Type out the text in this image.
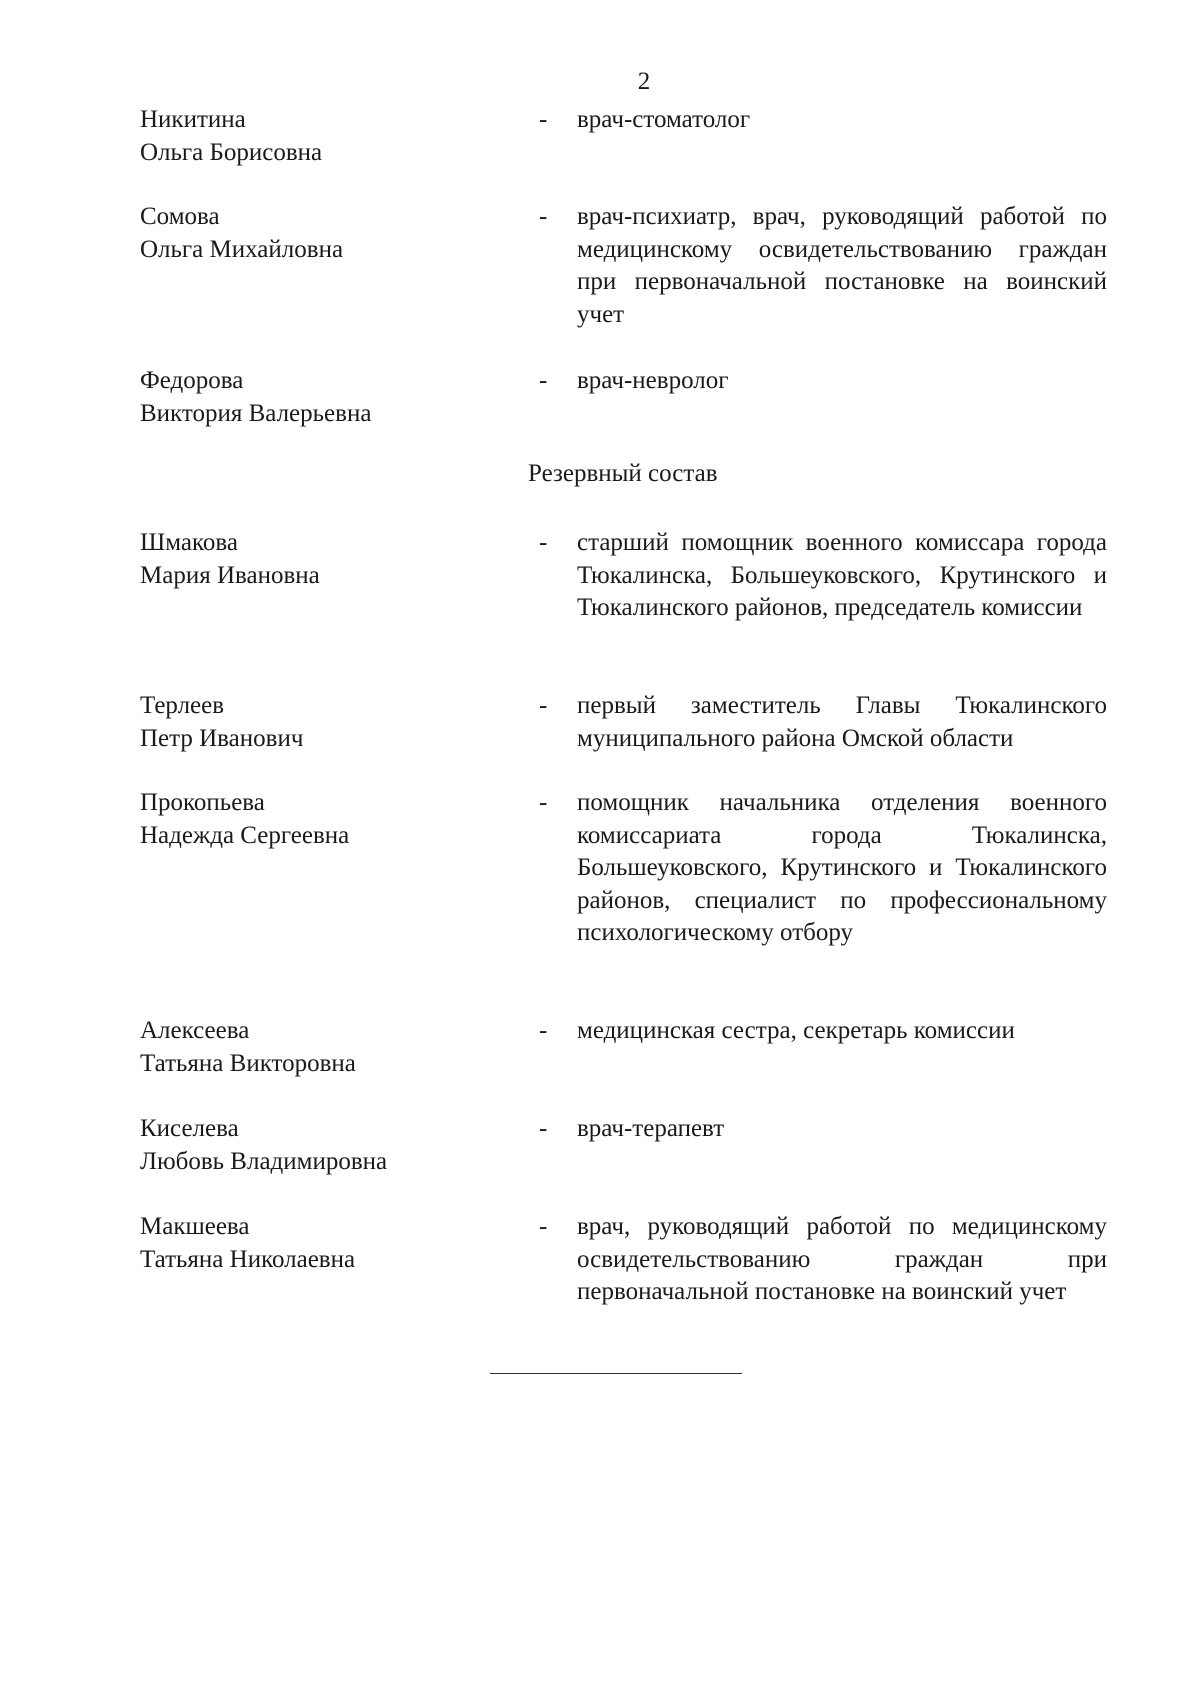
2
Никитина
Ольга Борисовна
- врач-стоматолог
Сомова
Ольга Михайловна
- врач-психиатр, врач, руководящий работой по медицинскому освидетельствованию граждан при первоначальной постановке на воинский учет
Федорова
Виктория Валерьевна
- врач-невролог
Резервный состав
Шмакова
Мария Ивановна
- старший помощник военного комиссара города Тюкалинска, Большеуковского, Крутинского и Тюкалинского районов, председатель комиссии
Терлеев
Петр Иванович
- первый заместитель Главы Тюкалинского муниципального района Омской области
Прокопьева
Надежда Сергеевна
- помощник начальника отделения военного комиссариата города Тюкалинска, Большеуковского, Крутинского и Тюкалинского районов, специалист по профессиональному психологическому отбору
Алексеева
Татьяна Викторовна
- медицинская сестра, секретарь комиссии
Киселева
Любовь Владимировна
- врач-терапевт
Макшеева
Татьяна Николаевна
- врач, руководящий работой по медицинскому освидетельствованию граждан при первоначальной постановке на воинский учет
